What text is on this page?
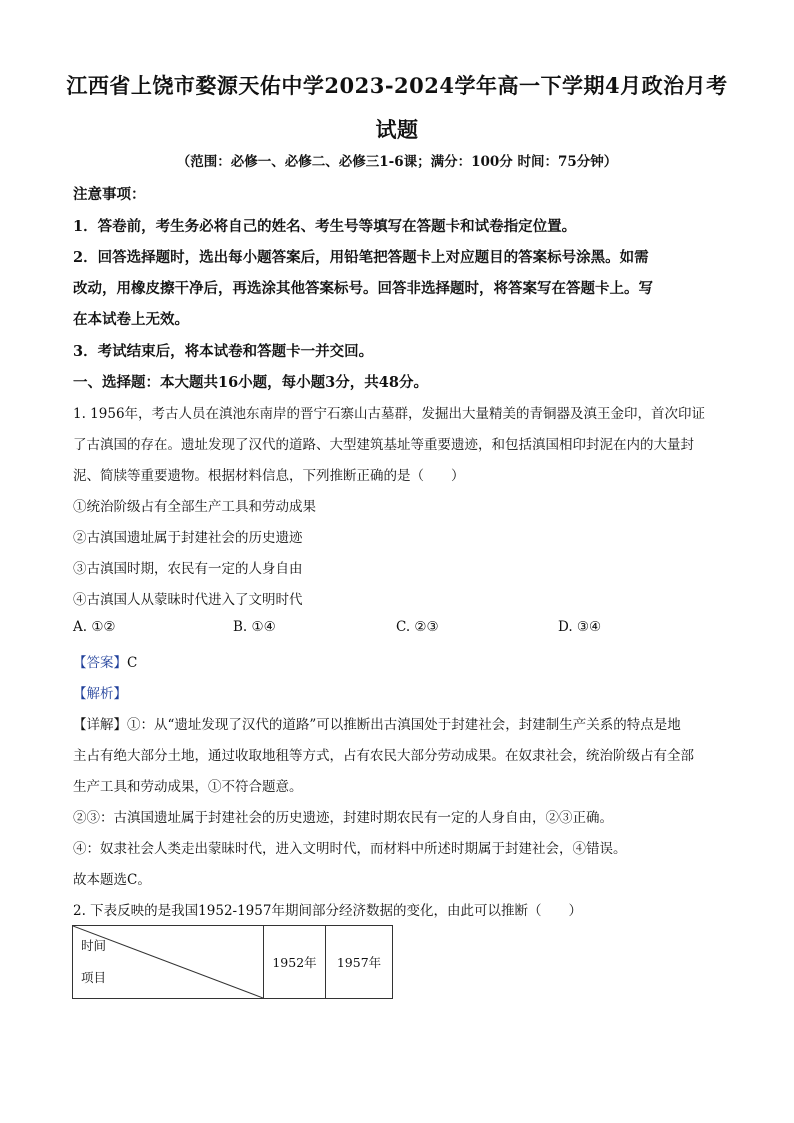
江西省上饶市婺源天佑中学2023-2024学年高一下学期4月政治月考
试题
（范围：必修一、必修二、必修三1-6课；满分：100分 时间：75分钟）
注意事项：
1．答卷前，考生务必将自己的姓名、考生号等填写在答题卡和试卷指定位置。
2．回答选择题时，选出每小题答案后，用铅笔把答题卡上对应题目的答案标号涂黑。如需
改动，用橡皮擦干净后，再选涂其他答案标号。回答非选择题时，将答案写在答题卡上。写
在本试卷上无效。
3．考试结束后，将本试卷和答题卡一并交回。
一、选择题：本大题共16小题，每小题3分，共48分。
1. 1956年，考古人员在滇池东南岸的晋宁石寨山古墓群，发掘出大量精美的青铜器及滇王金印，首次印证
了古滇国的存在。遗址发现了汉代的道路、大型建筑基址等重要遗迹，和包括滇国相印封泥在内的大量封
泥、简牍等重要遗物。根据材料信息，下列推断正确的是（　　）
①统治阶级占有全部生产工具和劳动成果
②古滇国遗址属于封建社会的历史遗迹
③古滇国时期，农民有一定的人身自由
④古滇国人从蒙昧时代进入了文明时代
A. ①②	B. ①④	C. ②③	D. ③④
【答案】C
【解析】
【详解】①：从“遗址发现了汉代的道路”可以推断出古滇国处于封建社会，封建制生产关系的特点是地
主占有绝大部分土地，通过收取地租等方式，占有农民大部分劳动成果。在奴隶社会，统治阶级占有全部
生产工具和劳动成果，①不符合题意。
②③：古滇国遗址属于封建社会的历史遗迹，封建时期农民有一定的人身自由，②③正确。
④：奴隶社会人类走出蒙昧时代，进入文明时代，而材料中所述时期属于封建社会，④错误。
故本题选C。
2. 下表反映的是我国1952-1957年期间部分经济数据的变化，由此可以推断（　　）
时间
项目
	1952年	1957年
